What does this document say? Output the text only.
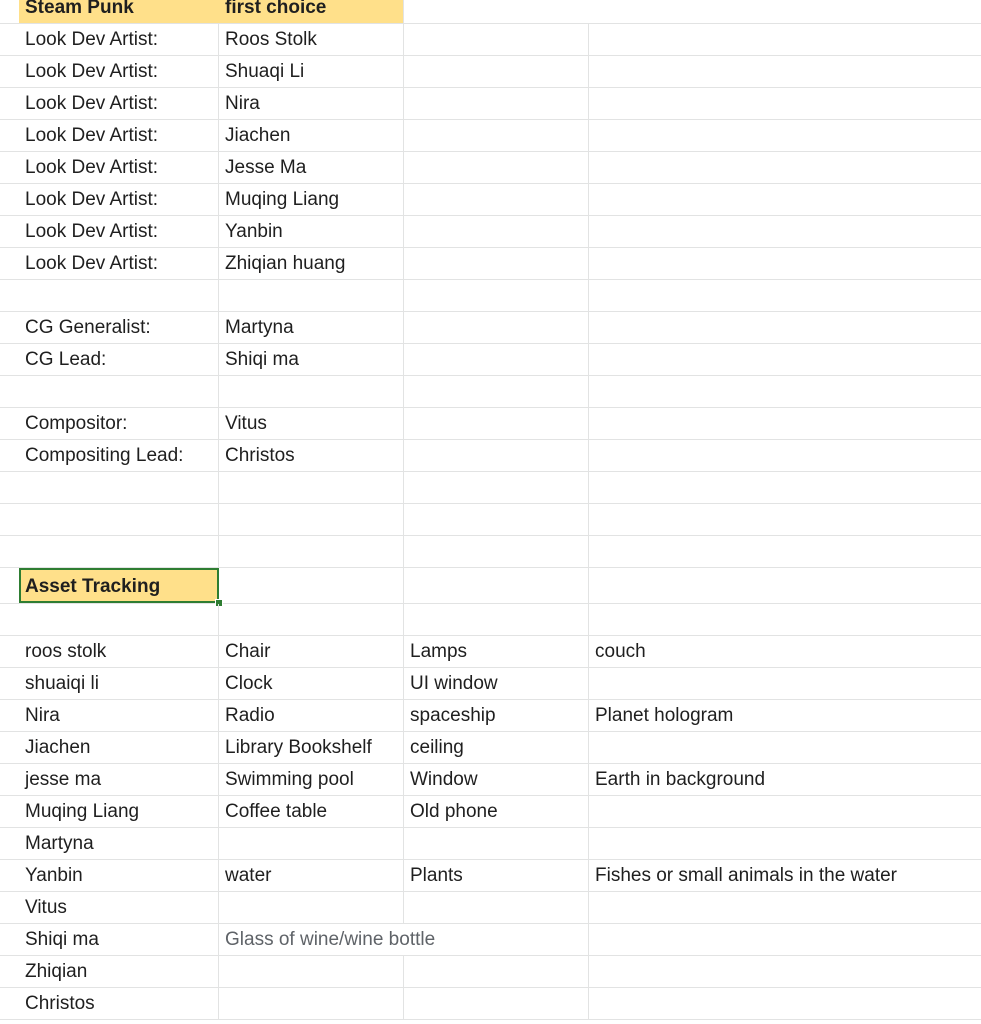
Steam Punk	first choice
Look Dev Artist:	Roos Stolk
Look Dev Artist:	Shuaqi Li
Look Dev Artist:	Nira
Look Dev Artist:	Jiachen
Look Dev Artist:	Jesse Ma
Look Dev Artist:	Muqing Liang
Look Dev Artist:	Yanbin
Look Dev Artist:	Zhiqian huang
CG Generalist:	Martyna
CG Lead:	Shiqi ma
Compositor:	Vitus
Compositing Lead:	Christos
Asset Tracking
roos stolk	Chair	Lamps	couch
shuaiqi li	Clock	UI window
Nira	Radio	spaceship	Planet hologram
Jiachen	Library Bookshelf	ceiling
jesse ma	Swimming pool	Window	Earth in background
Muqing Liang	Coffee table	Old phone
Martyna
Yanbin	water	Plants	Fishes or small animals in the water
Vitus
Shiqi ma	Glass of wine/wine bottle
Zhiqian
Christos
